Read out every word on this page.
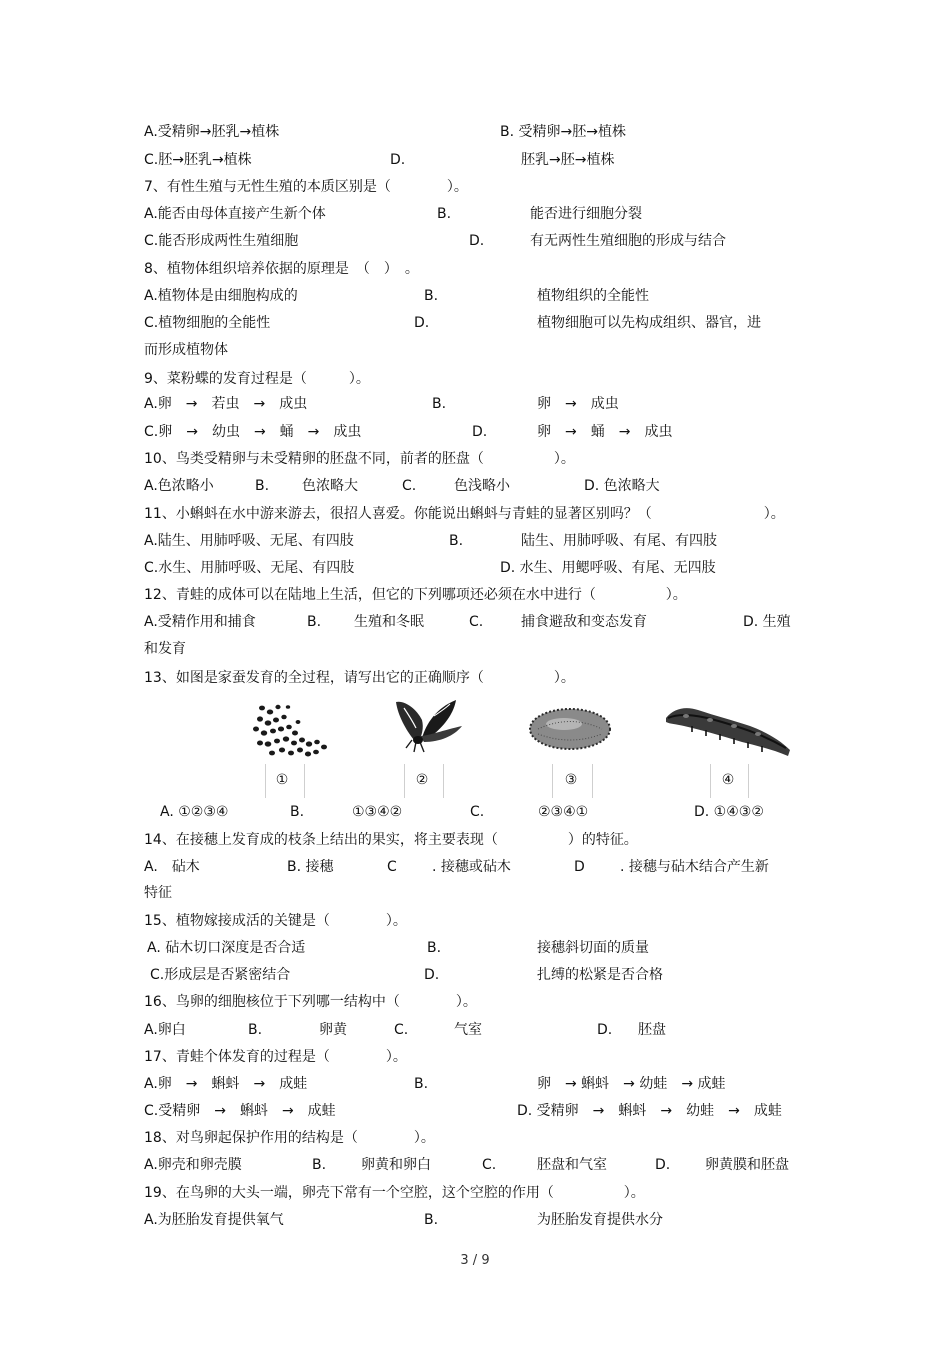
A.受精卵→胚乳→植株	B. 受精卵→胚→植株
C.胚→胚乳→植株	D.	胚乳→胚→植株
7、有性生殖与无性生殖的本质区别是（　　　　）。
A.能否由母体直接产生新个体	B.	能否进行细胞分裂
C.能否形成两性生殖细胞	D.	有无两性生殖细胞的形成与结合
8、植物体组织培养依据的原理是　（　）　。
A.植物体是由细胞构成的	B.	植物组织的全能性
C.植物细胞的全能性	D.	植物细胞可以先构成组织、器官，进
而形成植物体
9、菜粉蝶的发育过程是（　　　）。
A.卵　→　若虫　→　成虫	B.	卵　→　成虫
C.卵　→　幼虫　→　蛹　→　成虫	D.	卵　→　蛹　→　成虫
10、鸟类受精卵与未受精卵的胚盘不同，前者的胚盘（　　　　　）。
A.色浓略小	B. 色浓略大	C.	色浅略小	D. 色浓略大
11、小蝌蚪在水中游来游去，很招人喜爱。你能说出蝌蚪与青蛙的显著区别吗？（　　　　　　　　）。
A.陆生、用肺呼吸、无尾、有四肢	B.	陆生、用肺呼吸、有尾、有四肢
C.水生、用肺呼吸、无尾、有四肢	D. 水生、用鳃呼吸、有尾、无四肢
12、青蛙的成体可以在陆地上生活，但它的下列哪项还必须在水中进行（　　　　　）。
A.受精作用和捕食	B. 生殖和冬眠	C.	捕食避敌和变态发育	D. 生殖
和发育
13、如图是家蚕发育的全过程，请写出它的正确顺序（　　　　　）。
①	②	③	④
A. ①②③④	B.	①③④②	C.	②③④①	D. ①④③②
14、在接穗上发育成的枝条上结出的果实，将主要表现（　　　　　）的特征。
A.　砧木	B. 接穗	C	. 接穗或砧木	D	. 接穗与砧木结合产生新
特征
15、植物嫁接成活的关键是（　　　　）。
A. 砧木切口深度是否合适	B.	接穗斜切面的质量
C.形成层是否紧密结合	D.	扎缚的松紧是否合格
16、鸟卵的细胞核位于下列哪一结构中（　　　　）。
A.卵白	B.	卵黄	C.	气室	D. 胚盘
17、青蛙个体发育的过程是（　　　　）。
A.卵　→　蝌蚪　→　成蛙	B.	卵　→ 蝌蚪　→ 幼蛙　→ 成蛙
C.受精卵　→　蝌蚪　→　成蛙	D. 受精卵　→　蝌蚪　→　幼蛙　→　成蛙
18、对鸟卵起保护作用的结构是（　　　　）。
A.卵壳和卵壳膜	B. 卵黄和卵白	C.	胚盘和气室	D. 卵黄膜和胚盘
19、在鸟卵的大头一端，卵壳下常有一个空腔，这个空腔的作用（　　　　　）。
A.为胚胎发育提供氧气	B.	为胚胎发育提供水分
3 / 9
